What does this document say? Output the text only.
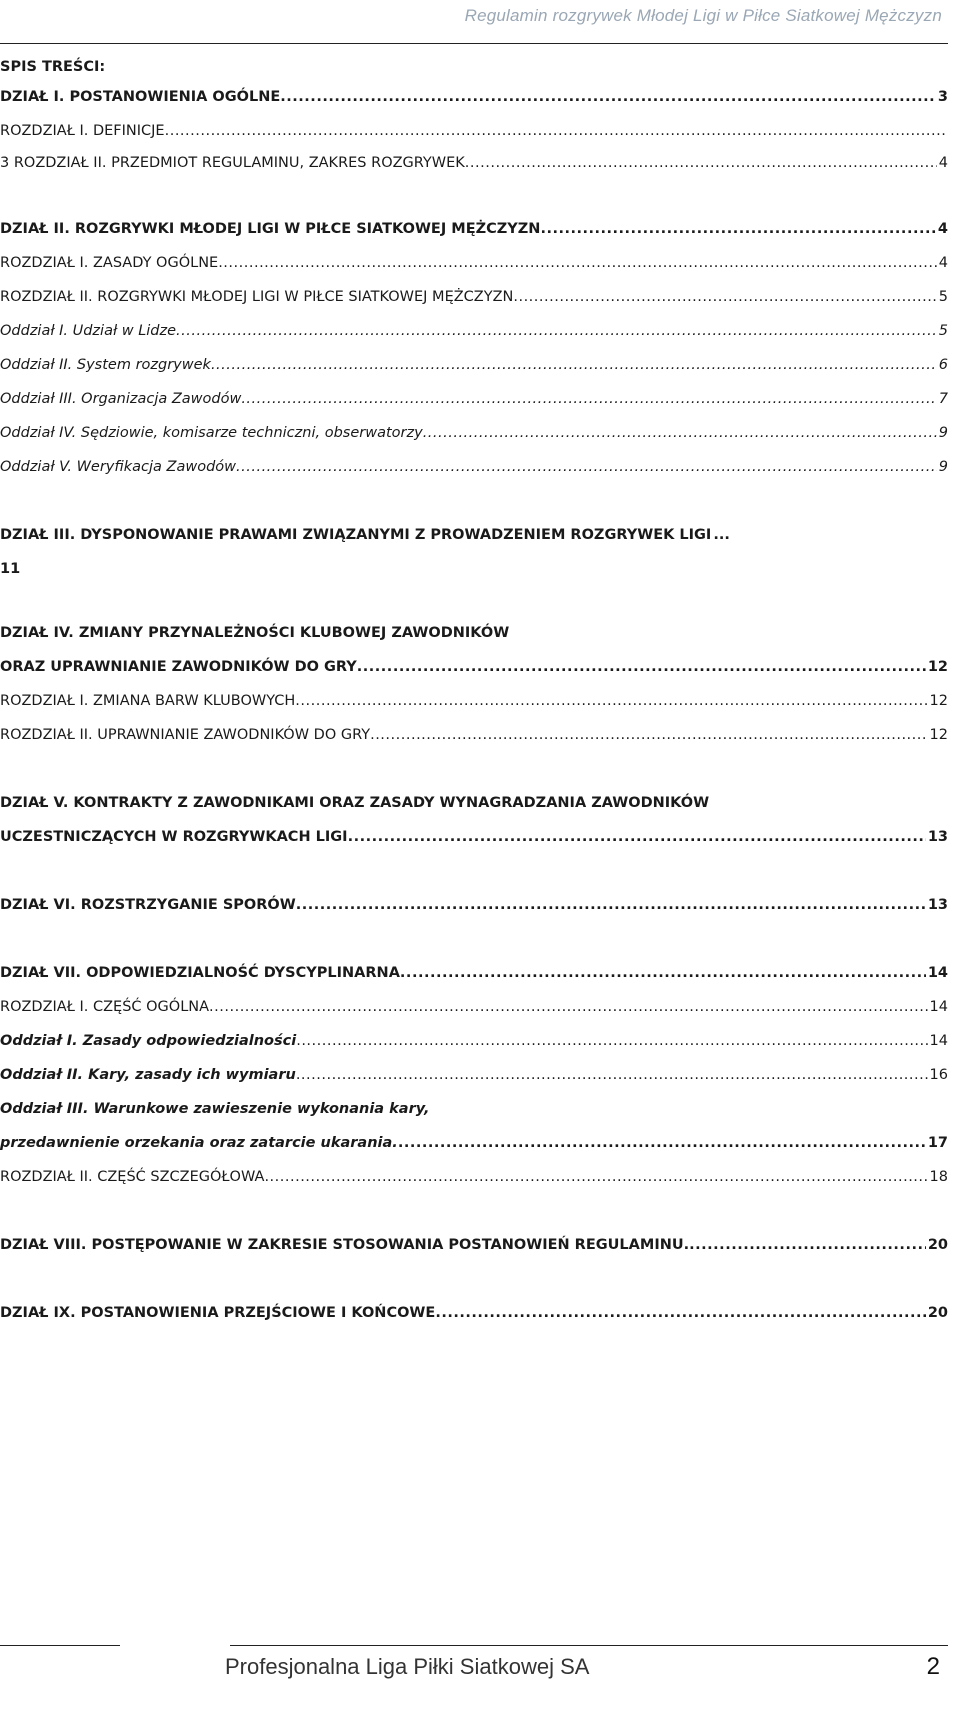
Regulamin rozgrywek Młodej Ligi w Piłce Siatkowej Mężczyzn
SPIS TREŚCI:
DZIAŁ I. POSTANOWIENIA OGÓLNE .....	3
ROZDZIAŁ I. DEFINICJE
.....
3 ROZDZIAŁ II. PRZEDMIOT REGULAMINU, ZAKRES ROZGRYWEK .....	4
DZIAŁ II. ROZGRYWKI MŁODEJ LIGI W PIŁCE SIATKOWEJ MĘŻCZYZN .....	4
ROZDZIAŁ I. ZASADY OGÓLNE .....	4
ROZDZIAŁ II. ROZGRYWKI MŁODEJ LIGI W PIŁCE SIATKOWEJ MĘŻCZYZN .....	5
Oddział I. Udział w Lidze .....	5
Oddział II. System rozgrywek .....	6
Oddział III. Organizacja Zawodów .....	7
Oddział IV. Sędziowie, komisarze techniczni, obserwatorzy .....	9
Oddział V. Weryfikacja Zawodów .....	9
DZIAŁ III. DYSPONOWANIE PRAWAMI ZWIĄZANYMI Z PROWADZENIEM ROZGRYWEK LIGI ...
11
DZIAŁ IV. ZMIANY PRZYNALEŻNOŚCI KLUBOWEJ ZAWODNIKÓW
ORAZ UPRAWNIANIE ZAWODNIKÓW DO GRY .....	12
ROZDZIAŁ I. ZMIANA BARW KLUBOWYCH .....	12
ROZDZIAŁ II. UPRAWNIANIE ZAWODNIKÓW DO GRY .....	12
DZIAŁ V. KONTRAKTY Z ZAWODNIKAMI ORAZ ZASADY WYNAGRADZANIA ZAWODNIKÓW
UCZESTNICZĄCYCH W ROZGRYWKACH LIGI .....	13
DZIAŁ VI. ROZSTRZYGANIE SPORÓW .....	13
DZIAŁ VII. ODPOWIEDZIALNOŚĆ DYSCYPLINARNA .....	14
ROZDZIAŁ I. CZĘŚĆ OGÓLNA .....	14
Oddział I. Zasady odpowiedzialności .....	14
Oddział II. Kary, zasady ich wymiaru .....	16
Oddział III. Warunkowe zawieszenie wykonania kary,
przedawnienie orzekania oraz zatarcie ukarania. .....	17
ROZDZIAŁ II. CZĘŚĆ SZCZEGÓŁOWA .....	18
DZIAŁ VIII. POSTĘPOWANIE W ZAKRESIE STOSOWANIA POSTANOWIEŃ REGULAMINU. .....	20
DZIAŁ IX. POSTANOWIENIA PRZEJŚCIOWE I KOŃCOWE .....	20
Profesjonalna Liga Piłki Siatkowej SA	2
